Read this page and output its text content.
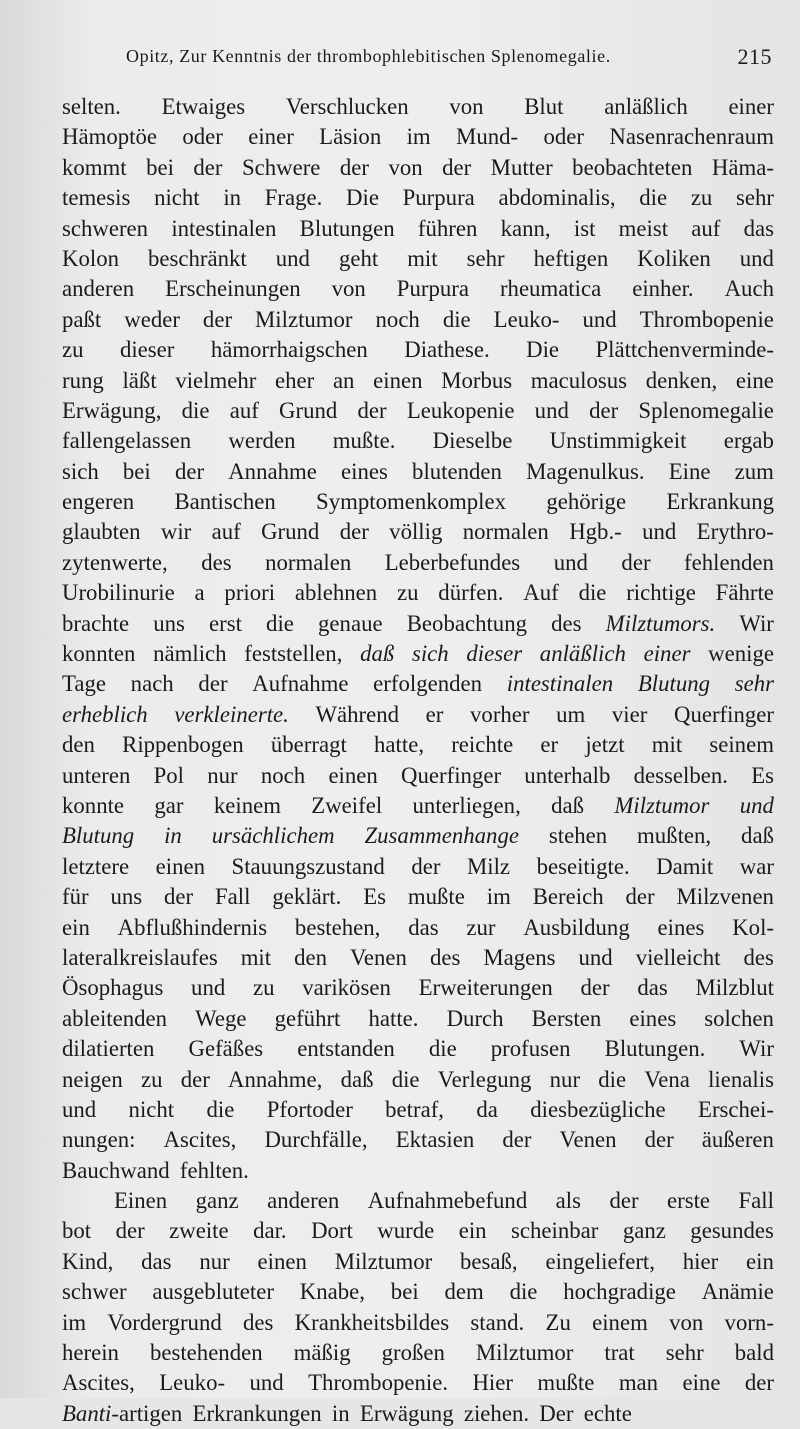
Opitz, Zur Kenntnis der thrombophlebitischen Splenomegalie.	215
selten. Etwaiges Verschlucken von Blut anläßlich einer
Hämoptöe oder einer Läsion im Mund- oder Nasenrachenraum
kommt bei der Schwere der von der Mutter beobachteten Häma-
temesis nicht in Frage. Die Purpura abdominalis, die zu sehr
schweren intestinalen Blutungen führen kann, ist meist auf das
Kolon beschränkt und geht mit sehr heftigen Koliken und
anderen Erscheinungen von Purpura rheumatica einher. Auch
paßt weder der Milztumor noch die Leuko- und Thrombopenie
zu dieser hämorrhaigschen Diathese. Die Plättchenverminde-
rung läßt vielmehr eher an einen Morbus maculosus denken, eine
Erwägung, die auf Grund der Leukopenie und der Splenomegalie
fallengelassen werden mußte. Dieselbe Unstimmigkeit ergab
sich bei der Annahme eines blutenden Magenulkus. Eine zum
engeren Bantischen Symptomenkomplex gehörige Erkrankung
glaubten wir auf Grund der völlig normalen Hgb.- und Erythro-
zytenwerte, des normalen Leberbefundes und der fehlenden
Urobilinurie a priori ablehnen zu dürfen. Auf die richtige Fährte
brachte uns erst die genaue Beobachtung des Milztumors. Wir
konnten nämlich feststellen, daß sich dieser anläßlich einer wenige
Tage nach der Aufnahme erfolgenden intestinalen Blutung sehr
erheblich verkleinerte. Während er vorher um vier Querfinger
den Rippenbogen überragt hatte, reichte er jetzt mit seinem
unteren Pol nur noch einen Querfinger unterhalb desselben. Es
konnte gar keinem Zweifel unterliegen, daß Milztumor und
Blutung in ursächlichem Zusammenhange stehen mußten, daß
letztere einen Stauungszustand der Milz beseitigte. Damit war
für uns der Fall geklärt. Es mußte im Bereich der Milzvenen
ein Abflußhindernis bestehen, das zur Ausbildung eines Kol-
lateralkreislaufes mit den Venen des Magens und vielleicht des
Ösophagus und zu varikösen Erweiterungen der das Milzblut
ableitenden Wege geführt hatte. Durch Bersten eines solchen
dilatierten Gefäßes entstanden die profusen Blutungen. Wir
neigen zu der Annahme, daß die Verlegung nur die Vena lienalis
und nicht die Pfortoder betraf, da diesbezügliche Erschei-
nungen: Ascites, Durchfälle, Ektasien der Venen der äußeren
Bauchwand fehlten.
Einen ganz anderen Aufnahmebefund als der erste Fall
bot der zweite dar. Dort wurde ein scheinbar ganz gesundes
Kind, das nur einen Milztumor besaß, eingeliefert, hier ein
schwer ausgebluteter Knabe, bei dem die hochgradige Anämie
im Vordergrund des Krankheitsbildes stand. Zu einem von vorn-
herein bestehenden mäßig großen Milztumor trat sehr bald
Ascites, Leuko- und Thrombopenie. Hier mußte man eine der
Banti-artigen Erkrankungen in Erwägung ziehen. Der echte
